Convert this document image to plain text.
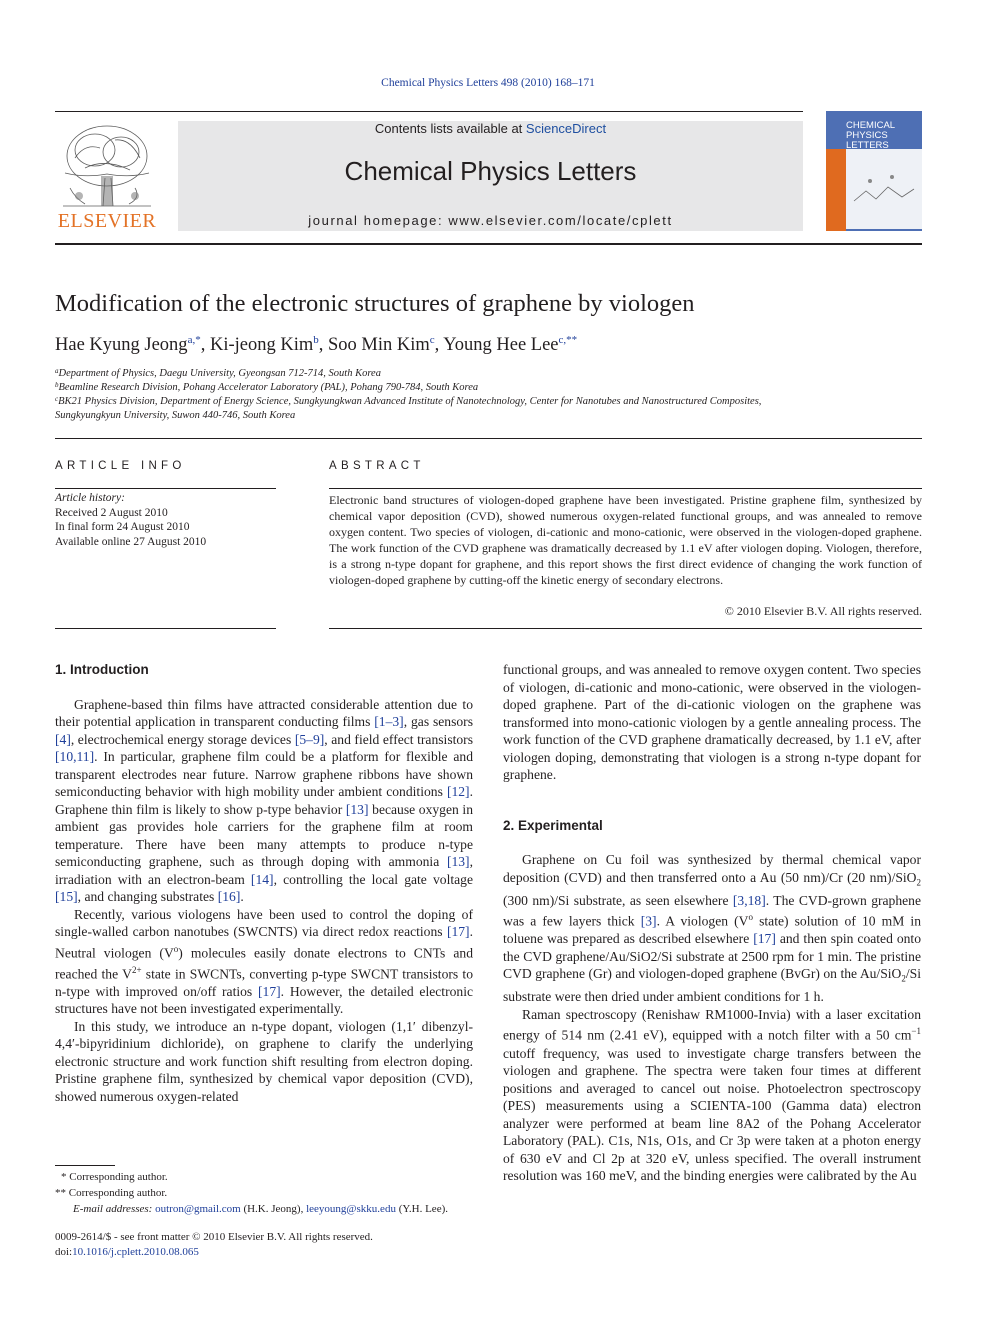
Chemical Physics Letters 498 (2010) 168–171
ELSEVIER
Contents lists available at ScienceDirect
Chemical Physics Letters
journal homepage: www.elsevier.com/locate/cplett
CHEMICAL
PHYSICS
LETTERS
Modification of the electronic structures of graphene by viologen
Hae Kyung Jeong$^{a,*}$, Ki-jeong Kim$^b$, Soo Min Kim$^c$, Young Hee Lee$^{c,**}$
$^a$Department of Physics, Daegu University, Gyeongsan 712-714, South Korea
$^b$Beamline Research Division, Pohang Accelerator Laboratory (PAL), Pohang 790-784, South Korea
$^c$BK21 Physics Division, Department of Energy Science, Sungkyungkwan Advanced Institute of Nanotechnology, Center for Nanotubes and Nanostructured Composites,
Sungkyungkyun University, Suwon 440-746, South Korea
ARTICLE INFO
Article history:
Received 2 August 2010
In final form 24 August 2010
Available online 27 August 2010
ABSTRACT

Electronic band structures of viologen-doped graphene have been investigated. Pristine graphene film, synthesized by chemical vapor deposition (CVD), showed numerous oxygen-related functional groups, and was annealed to remove oxygen content. Two species of viologen, di-cationic and mono-cationic, were observed in the viologen-doped graphene. The work function of the CVD graphene was dramatically decreased by 1.1 eV after viologen doping. Viologen, therefore, is a strong n-type dopant for graphene, and this report shows the first direct evidence of changing the work function of viologen-doped graphene by cutting-off the kinetic energy of secondary electrons.

© 2010 Elsevier B.V. All rights reserved.
1. Introduction

Graphene-based thin films have attracted considerable attention due to their potential application in transparent conducting films [1–3], gas sensors [4], electrochemical energy storage devices [5–9], and field effect transistors [10,11]. In particular, graphene film could be a platform for flexible and transparent electrodes near future. Narrow graphene ribbons have shown semiconducting behavior with high mobility under ambient conditions [12]. Graphene thin film is likely to show p-type behavior [13] because oxygen in ambient gas provides hole carriers for the graphene film at room temperature. There have been many attempts to produce n-type semiconducting graphene, such as through doping with ammonia [13], irradiation with an electron-beam [14], controlling the local gate voltage [15], and changing substrates [16].

Recently, various viologens have been used to control the doping of single-walled carbon nanotubes (SWCNTS) via direct redox reactions [17]. Neutral viologen $(V^o)$ molecules easily donate electrons to CNTs and reached the $V^{2+}$ state in SWCNTs, converting p-type SWCNT transistors to n-type with improved on/off ratios [17]. However, the detailed electronic structures have not been investigated experimentally.

In this study, we introduce an n-type dopant, viologen (1,1′ dibenzyl-4,4′-bipyridinium dichloride), on graphene to clarify the underlying electronic structure and work function shift resulting from electron doping. Pristine graphene film, synthesized by chemical vapor deposition (CVD), showed numerous oxygen-related

* Corresponding author.
** Corresponding author.
E-mail addresses: outron@gmail.com (H.K. Jeong), leeyoung@skku.edu (Y.H. Lee).
0009-2614/$ - see front matter © 2010 Elsevier B.V. All rights reserved.
doi:10.1016/j.cplett.2010.08.065

functional groups, and was annealed to remove oxygen content. Two species of viologen, di-cationic and mono-cationic, were observed in the viologen-doped graphene. Part of the di-cationic viologen on the graphene was transformed into mono-cationic viologen by a gentle annealing process. The work function of the CVD graphene dramatically decreased, by 1.1 eV, after viologen doping, demonstrating that viologen is a strong n-type dopant for graphene.

2. Experimental

Graphene on Cu foil was synthesized by thermal chemical vapor deposition (CVD) and then transferred onto a Au (50 nm)/Cr (20 nm)/SiO$_2$ (300 nm)/Si substrate, as seen elsewhere [3,18]. The CVD-grown graphene was a few layers thick [3]. A viologen ($V^o$ state) solution of 10 mM in toluene was prepared as described elsewhere [17] and then spin coated onto the CVD graphene/Au/SiO2/Si substrate at 2500 rpm for 1 min. The pristine CVD graphene (Gr) and viologen-doped graphene (BvGr) on the Au/SiO$_2$/Si substrate were then dried under ambient conditions for 1 h.

Raman spectroscopy (Renishaw RM1000-Invia) with a laser excitation energy of 514 nm (2.41 eV), equipped with a notch filter with a 50 $cm^{-1}$ cutoff frequency, was used to investigate charge transfers between the viologen and graphene. The spectra were taken four times at different positions and averaged to cancel out noise. Photoelectron spectroscopy (PES) measurements using a SCIENTA-100 (Gamma data) electron analyzer were performed at beam line 8A2 of the Pohang Accelerator Laboratory (PAL). C1s, N1s, O1s, and Cr 3p were taken at a photon energy of 630 eV and Cl 2p at 320 eV, unless specified. The overall instrument resolution was 160 meV, and the binding energies were calibrated by the Au
